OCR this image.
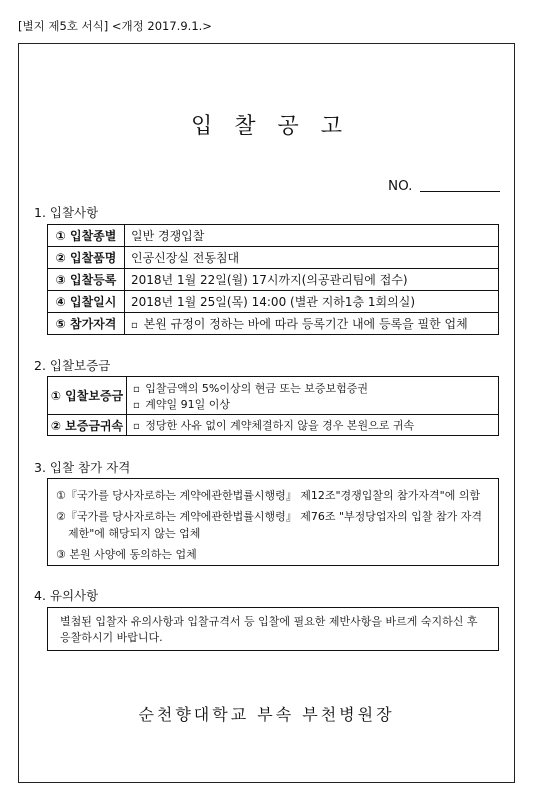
[별지 제5호 서식] <개정 2017.9.1.>
입찰공고
NO.
1. 입찰사항
① 입찰종별	일반 경쟁입찰
② 입찰품명	인공신장실 전동침대
③ 입찰등록	2018년 1월 22일(월) 17시까지(의공관리팀에 접수)
④ 입찰일시	2018년 1월 25일(목) 14:00 (별관 지하1층 1회의실)
⑤ 참가자격	▫ 본원 규정이 정하는 바에 따라 등록기간 내에 등록을 필한 업체
2. 입찰보증금
① 입찰보증금	▫ 입찰금액의 5%이상의 현금 또는 보증보험증권
▫ 계약일 91일 이상

② 보증금귀속	▫ 정당한 사유 없이 계약체결하지 않을 경우 본원으로 귀속
3. 입찰 참가 자격
①『국가를 당사자로하는 계약에관한법률시행령』 제12조"경쟁입찰의 참가자격"에 의함
②『국가를 당사자로하는 계약에관한법률시행령』 제76조 "부정당업자의 입찰 참가 자격
제한"에 해당되지 않는 업체
③ 본원 사양에 동의하는 업체
4. 유의사항
별첨된 입찰자 유의사항과 입찰규격서 등 입찰에 필요한 제반사항을 바르게 숙지하신 후
응찰하시기 바랍니다.
순천향대학교 부속 부천병원장
